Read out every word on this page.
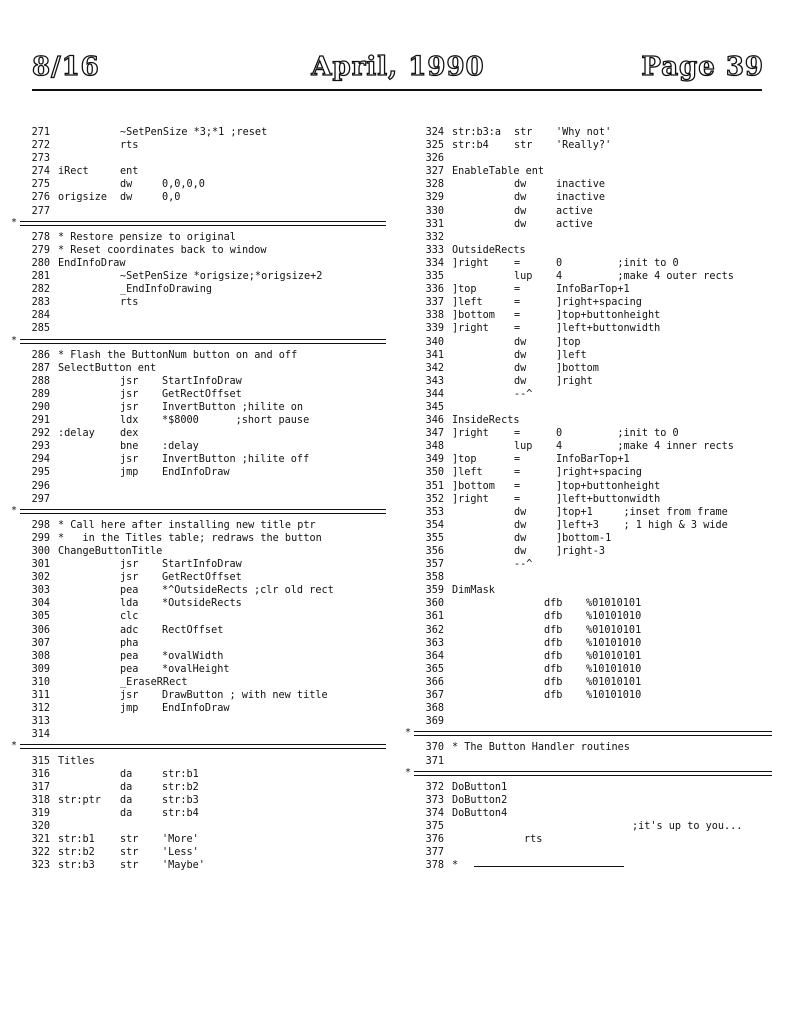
8/16	April, 1990	Page 39
271	~SetPenSize *3;*1 ;reset
272	rts
273
274 iRect	ent
275	dw	0,0,0,0
276 origsize dw	0,0
277
*
278 * Restore pensize to original
279 * Reset coordinates back to window
280 EndInfoDraw
281	~SetPenSize *origsize;*origsize+2
282	_EndInfoDrawing
283	rts
284
285
*
286 * Flash the ButtonNum button on and off
287 SelectButton ent
288	jsr StartInfoDraw
289	jsr GetRectOffset
290	jsr InvertButton ;hilite on
291	ldx *$8000      ;short pause
292 :delay dex
293	bne :delay
294	jsr InvertButton ;hilite off
295	jmp EndInfoDraw
296
297
*
298 * Call here after installing new title ptr
299 *   in the Titles table; redraws the button
300 ChangeButtonTitle
301	jsr StartInfoDraw
302	jsr GetRectOffset
303	pea *^OutsideRects ;clr old rect
304	lda *OutsideRects
305	clc
306	adc RectOffset
307	pha
308	pea *ovalWidth
309	pea *ovalHeight
310	_EraseRRect
311	jsr DrawButton ; with new title
312	jmp EndInfoDraw
313
314
*
315 Titles
316	da	str:b1
317	da	str:b2
318 str:ptr da	str:b3
319	da	str:b4
320
321 str:b1 str 'More'
322 str:b2 str 'Less'
323 str:b3 str 'Maybe'
324 str:b3:a str 'Why not'
325 str:b4 str 'Really?'
326
327 EnableTable ent
328	dw	inactive
329	dw	inactive
330	dw	active
331	dw	active
332
333 OutsideRects
334 ]right =	0         ;init to 0
335	lup 4         ;make 4 outer rects
336 ]top	=	InfoBarTop+1
337 ]left	=	]right+spacing
338 ]bottom =	]top+buttonheight
339 ]right =	]left+buttonwidth
340	dw	]top
341	dw	]left
342	dw	]bottom
343	dw	]right
344	--^
345
346 InsideRects
347 ]right =	0         ;init to 0
348	lup 4         ;make 4 inner rects
349 ]top	=	InfoBarTop+1
350 ]left	=	]right+spacing
351 ]bottom =	]top+buttonheight
352 ]right =	]left+buttonwidth
353	dw	]top+1     ;inset from frame
354	dw	]left+3    ; 1 high & 3 wide
355	dw	]bottom-1
356	dw	]right-3
357	--^
358
359 DimMask
360	dfb %01010101
361	dfb %10101010
362	dfb %01010101
363	dfb %10101010
364	dfb %01010101
365	dfb %10101010
366	dfb %01010101
367	dfb %10101010
368
369
*
370 * The Button Handler routines
371
*
372 DoButton1
373 DoButton2
374 DoButton4
375	;it's up to you...
376	rts
377
378 *
